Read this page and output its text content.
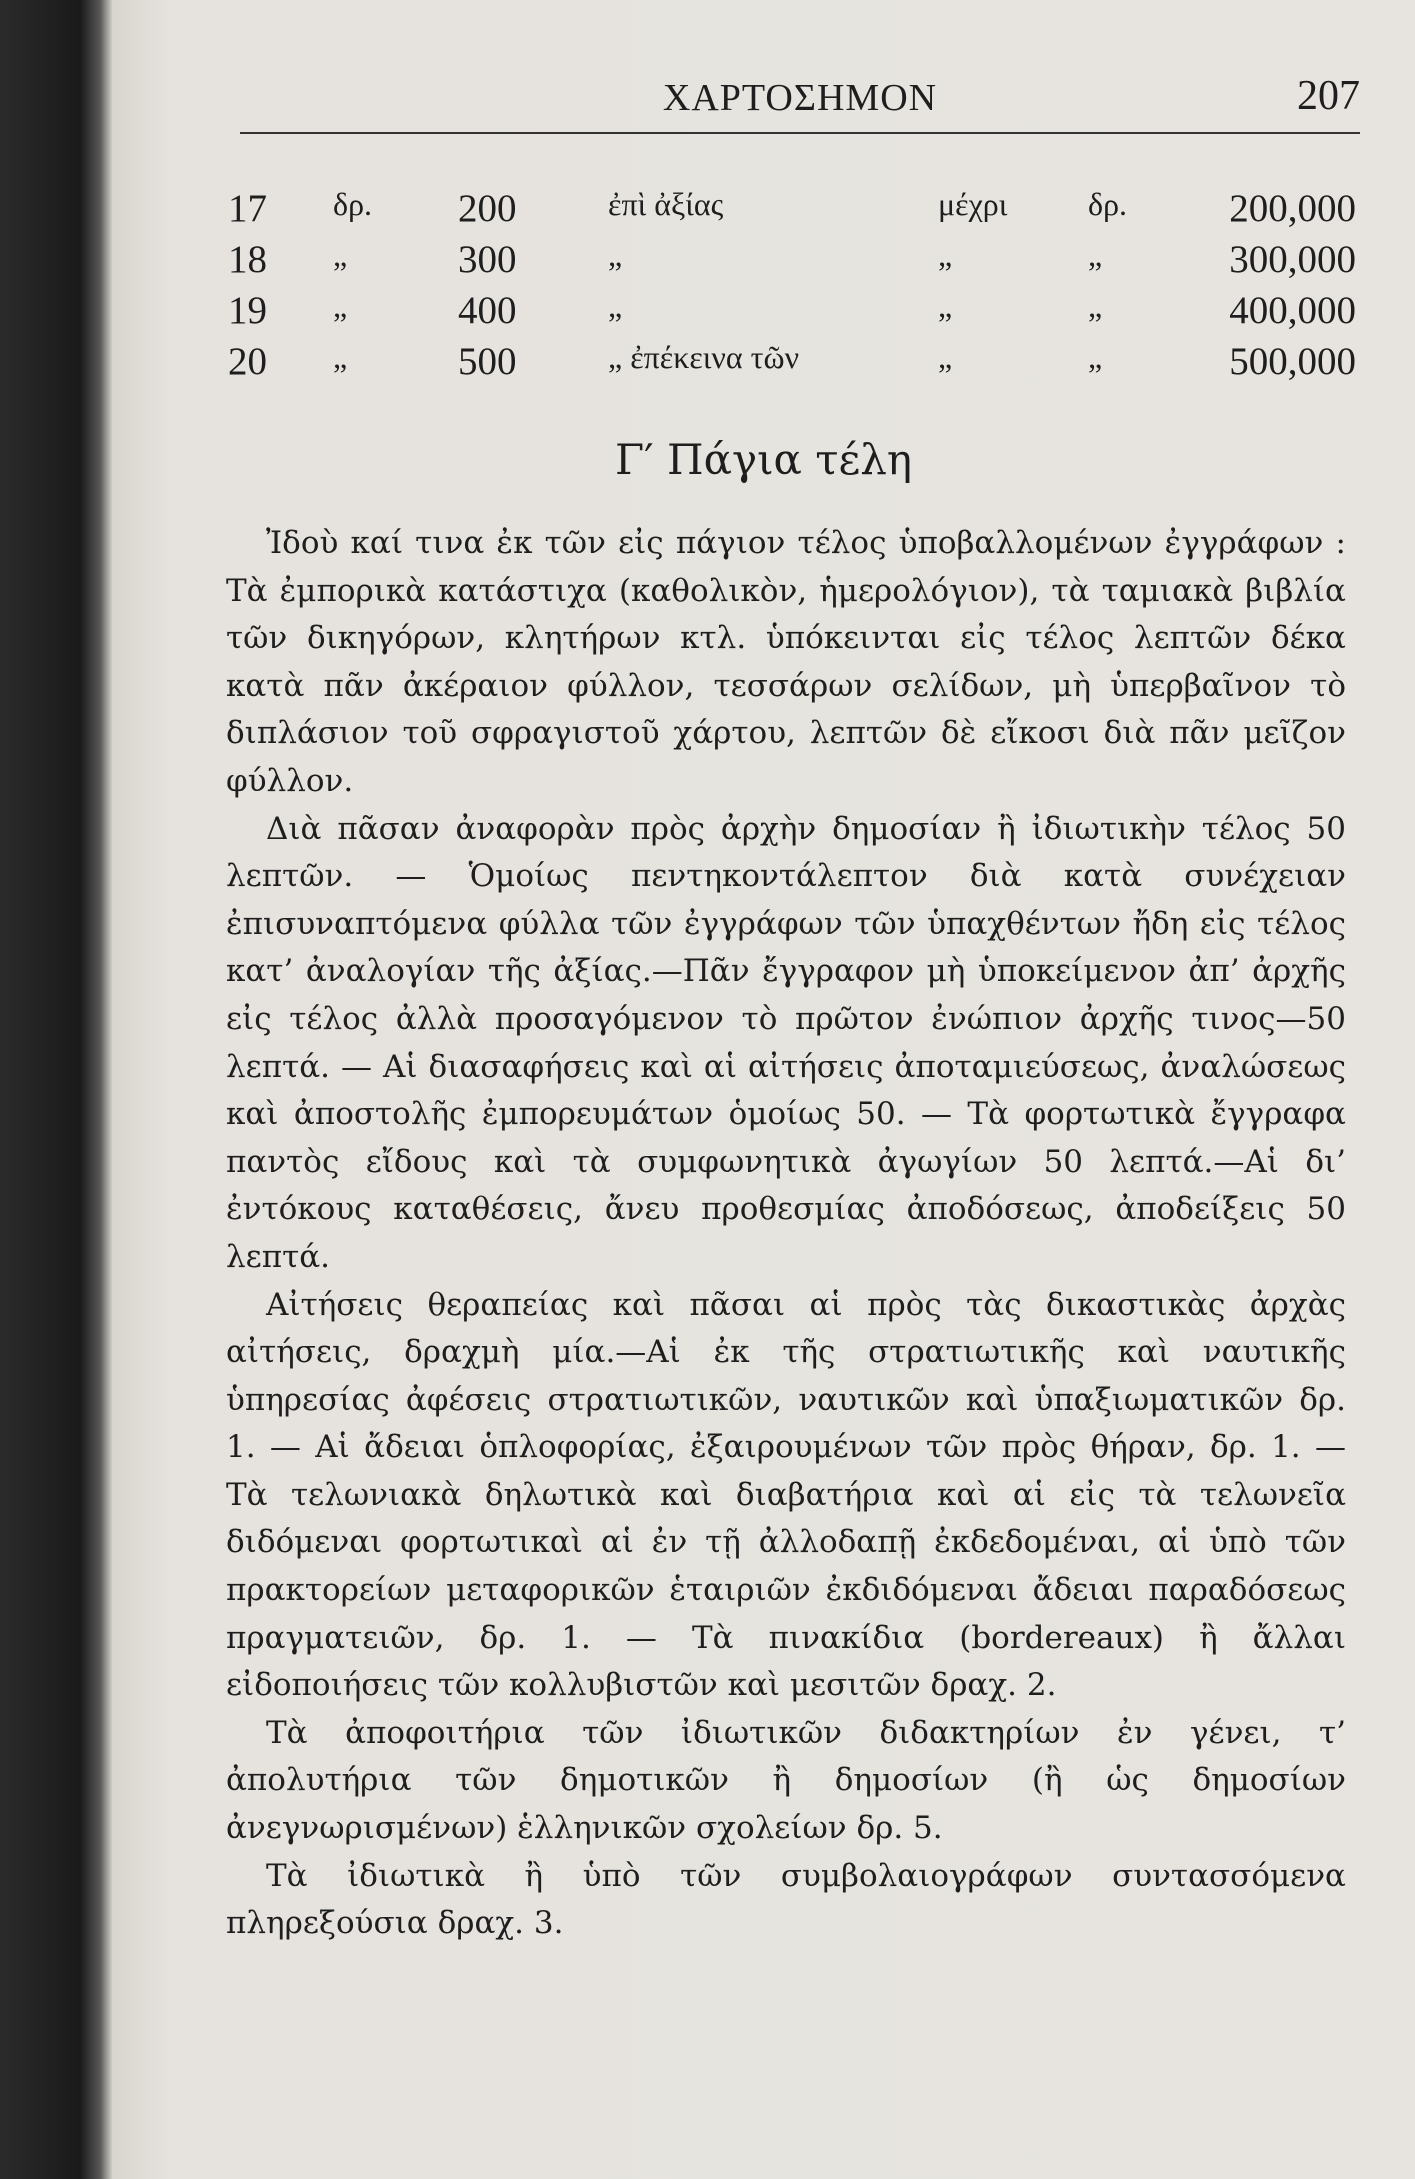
ΧΑΡΤΟΣΗΜΟΝ	207
17 δρ. 200	ἐπὶ ἀξίας	μέχρι	δρ.	200,000
18 „	300	„	„	„	300,000
19 „	400	„	„	„	400,000
20 „	500	„ ἐπέκεινα τῶν	„	„	500,000
Γ′ Πάγια τέλη

Ἰδοὺ καί τινα ἐκ τῶν εἰς πάγιον τέλος ὑποβαλλομένων ἐγγράφων : Τὰ ἐμπορικὰ κατάστιχα (καθολικὸν, ἡμερολόγιον), τὰ ταμιακὰ βιβλία τῶν δικηγόρων, κλητήρων κτλ. ὑπόκεινται εἰς τέλος λεπτῶν δέκα κατὰ πᾶν ἀκέραιον φύλλον, τεσσάρων σελίδων, μὴ ὑπερβαῖνον τὸ διπλάσιον τοῦ σφραγιστοῦ χάρτου, λεπτῶν δὲ εἴκοσι διὰ πᾶν μεῖζον φύλλον.

Διὰ πᾶσαν ἀναφορὰν πρὸς ἀρχὴν δημοσίαν ἢ ἰδιωτικὴν τέλος 50 λεπτῶν. — Ὁμοίως πεντηκοντάλεπτον διὰ κατὰ συνέχειαν ἐπισυναπτόμενα φύλλα τῶν ἐγγράφων τῶν ὑπαχθέντων ἤδη εἰς τέλος κατ’ ἀναλογίαν τῆς ἀξίας.—Πᾶν ἔγγραφον μὴ ὑποκείμενον ἀπ’ ἀρχῆς εἰς τέλος ἀλλὰ προσαγόμενον τὸ πρῶτον ἐνώπιον ἀρχῆς τινος—50 λεπτά. — Αἱ διασαφήσεις καὶ αἱ αἰτήσεις ἀποταμιεύσεως, ἀναλώσεως καὶ ἀποστολῆς ἐμπορευμάτων ὁμοίως 50. — Τὰ φορτωτικὰ ἔγγραφα παντὸς εἴδους καὶ τὰ συμφωνητικὰ ἀγωγίων 50 λεπτά.—Αἱ δι’ ἐντόκους καταθέσεις, ἄνευ προθεσμίας ἀποδόσεως, ἀποδείξεις 50 λεπτά.

Αἰτήσεις θεραπείας καὶ πᾶσαι αἱ πρὸς τὰς δικαστικὰς ἀρχὰς αἰτήσεις, δραχμὴ μία.—Αἱ ἐκ τῆς στρατιωτικῆς καὶ ναυτικῆς ὑπηρεσίας ἀφέσεις στρατιωτικῶν, ναυτικῶν καὶ ὑπαξιωματικῶν δρ. 1. — Αἱ ἄδειαι ὁπλοφορίας, ἐξαιρουμένων τῶν πρὸς θήραν, δρ. 1. — Τὰ τελωνιακὰ δηλωτικὰ καὶ διαβατήρια καὶ αἱ εἰς τὰ τελωνεῖα διδόμεναι φορτωτικαὶ αἱ ἐν τῇ ἀλλοδαπῇ ἐκδεδομέναι, αἱ ὑπὸ τῶν πρακτορείων μεταφορικῶν ἑταιριῶν ἐκδιδόμεναι ἄδειαι παραδόσεως πραγματειῶν, δρ. 1. — Τὰ πινακίδια (bordereaux) ἢ ἄλλαι εἰδοποιήσεις τῶν κολλυβιστῶν καὶ μεσιτῶν δραχ. 2.

Τὰ ἀποφοιτήρια τῶν ἰδιωτικῶν διδακτηρίων ἐν γένει, τ’ ἀπολυτήρια τῶν δημοτικῶν ἢ δημοσίων (ἢ ὡς δημοσίων ἀνεγνωρισμένων) ἑλληνικῶν σχολείων δρ. 5.

Τὰ ἰδιωτικὰ ἢ ὑπὸ τῶν συμβολαιογράφων συντασσόμενα πληρεξούσια δραχ. 3.
